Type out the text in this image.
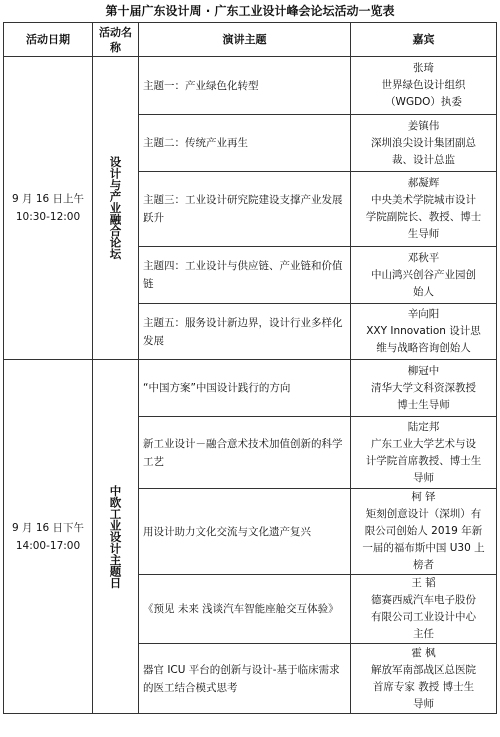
第十届广东设计周 · 广东工业设计峰会论坛活动一览表
活动日期	活动名称	演讲主题	嘉宾

9 月 16 日上午
10:30-12:00	设计与产业融合论坛	主题一：产业绿色化转型	张琦
世界绿色设计组织
（WGDO）执委

		主题二：传统产业再生	姜镇伟
深圳浪尖设计集团副总
裁、设计总监

		主题三：工业设计研究院建设支撑产业发展跃升	郝凝辉
中央美术学院城市设计
学院副院长、教授、博士
生导师

		主题四：工业设计与供应链、产业链和价值链	邓秋平
中山鸿兴创谷产业园创
始人

		主题五：服务设计新边界，设计行业多样化发展	辛向阳
XXY Innovation 设计思
维与战略咨询创始人

9 月 16 日下午
14:00-17:00	中欧工业设计主题日	“中国方案”中国设计践行的方向	柳冠中
清华大学文科资深教授
博士生导师

		新工业设计－融合意术技术加值创新的科学工艺	陆定邦
广东工业大学艺术与设
计学院首席教授、博士生
导师

		用设计助力文化交流与文化遗产复兴	柯 铎
矩刻创意设计（深圳）有
限公司创始人 2019 年新
一届的福布斯中国 U30 上
榜者

		《预见 未来 浅谈汽车智能座舱交互体验》	王 韬
德赛西威汽车电子股份
有限公司工业设计中心
主任

		器官 ICU 平台的创新与设计-基于临床需求的医工结合模式思考	霍 枫
解放军南部战区总医院
首席专家 教授 博士生
导师
